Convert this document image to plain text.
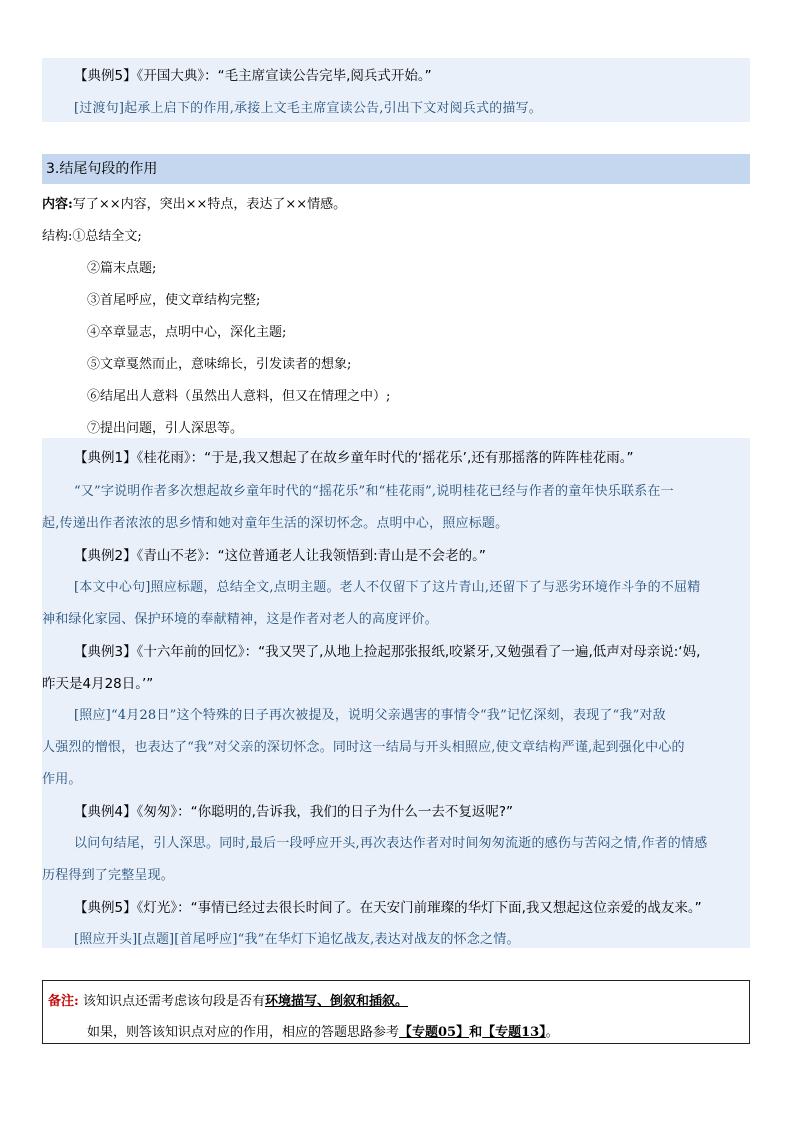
【典例5】《开国大典》：“毛主席宣读公告完毕,阅兵式开始。”
[过渡句]起承上启下的作用,承接上文毛主席宣读公告,引出下文对阅兵式的描写。
3.结尾句段的作用
内容:写了××内容，突出××特点，表达了××情感。
结构:①总结全文;
②篇末点题;
③首尾呼应，使文章结构完整;
④卒章显志，点明中心，深化主题;
⑤文章戛然而止，意味绵长，引发读者的想象;
⑥结尾出人意料（虽然出人意料，但又在情理之中）;
⑦提出问题，引人深思等。
【典例1】《桂花雨》：“于是,我又想起了在故乡童年时代的‘摇花乐’,还有那摇落的阵阵桂花雨。”
“又”字说明作者多次想起故乡童年时代的“摇花乐”和“桂花雨”,说明桂花已经与作者的童年快乐联系在一
起,传递出作者浓浓的思乡情和她对童年生活的深切怀念。点明中心，照应标题。
【典例2】《青山不老》：“这位普通老人让我领悟到:青山是不会老的。”
[本文中心句]照应标题，总结全文,点明主题。老人不仅留下了这片青山,还留下了与恶劣环境作斗争的不屈精
神和绿化家园、保护环境的奉献精神，这是作者对老人的高度评价。
【典例3】《十六年前的回忆》：“我又哭了,从地上捡起那张报纸,咬紧牙,又勉强看了一遍,低声对母亲说:‘妈,
昨天是4月28日。’”
[照应]“4月28日”这个特殊的日子再次被提及，说明父亲遇害的事情令“我”记忆深刻，表现了“我”对敌
人强烈的憎恨，也表达了“我”对父亲的深切怀念。同时这一结局与开头相照应,使文章结构严谨,起到强化中心的
作用。
【典例4】《匆匆》：“你聪明的,告诉我，我们的日子为什么一去不复返呢?”
以问句结尾，引人深思。同时,最后一段呼应开头,再次表达作者对时间匆匆流逝的感伤与苦闷之情,作者的情感
历程得到了完整呈现。
【典例5】《灯光》：“事情已经过去很长时间了。在天安门前璀璨的华灯下面,我又想起这位亲爱的战友来。”
[照应开头][点题][首尾呼应]“我”在华灯下追忆战友,表达对战友的怀念之情。
备注: 该知识点还需考虑该句段是否有环境描写、倒叙和插叙。
如果，则答该知识点对应的作用，相应的答题思路参考【专题05】和【专题13】。
